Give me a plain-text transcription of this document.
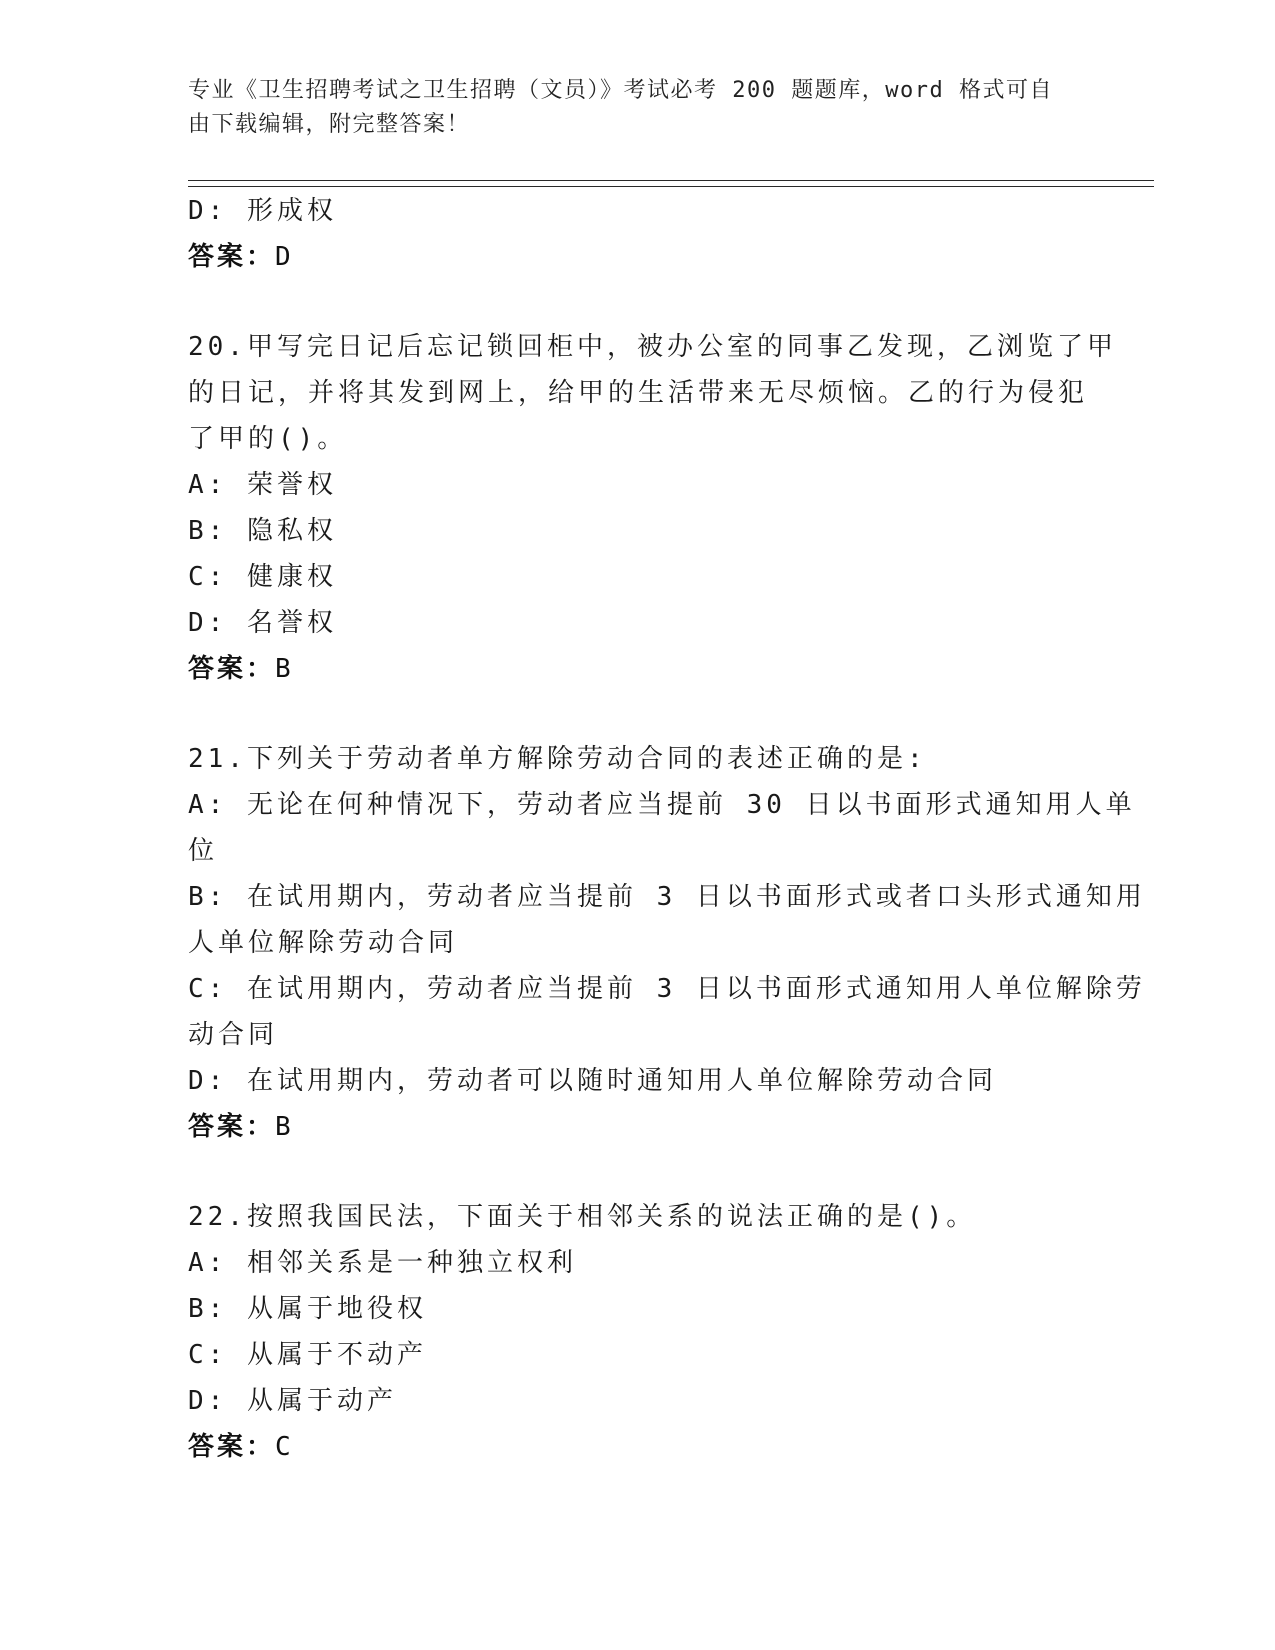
专业《卫生招聘考试之卫生招聘（文员）》考试必考 200 题题库，word 格式可自
由下载编辑，附完整答案！
D: 形成权
答案：D
20.甲写完日记后忘记锁回柜中，被办公室的同事乙发现，乙浏览了甲
的日记，并将其发到网上，给甲的生活带来无尽烦恼。乙的行为侵犯
了甲的()。
A: 荣誉权
B: 隐私权
C: 健康权
D: 名誉权
答案：B
21.下列关于劳动者单方解除劳动合同的表述正确的是:
A: 无论在何种情况下，劳动者应当提前 30 日以书面形式通知用人单
位
B: 在试用期内，劳动者应当提前 3 日以书面形式或者口头形式通知用
人单位解除劳动合同
C: 在试用期内，劳动者应当提前 3 日以书面形式通知用人单位解除劳
动合同
D: 在试用期内，劳动者可以随时通知用人单位解除劳动合同
答案：B
22.按照我国民法，下面关于相邻关系的说法正确的是()。
A: 相邻关系是一种独立权利
B: 从属于地役权
C: 从属于不动产
D: 从属于动产
答案：C
